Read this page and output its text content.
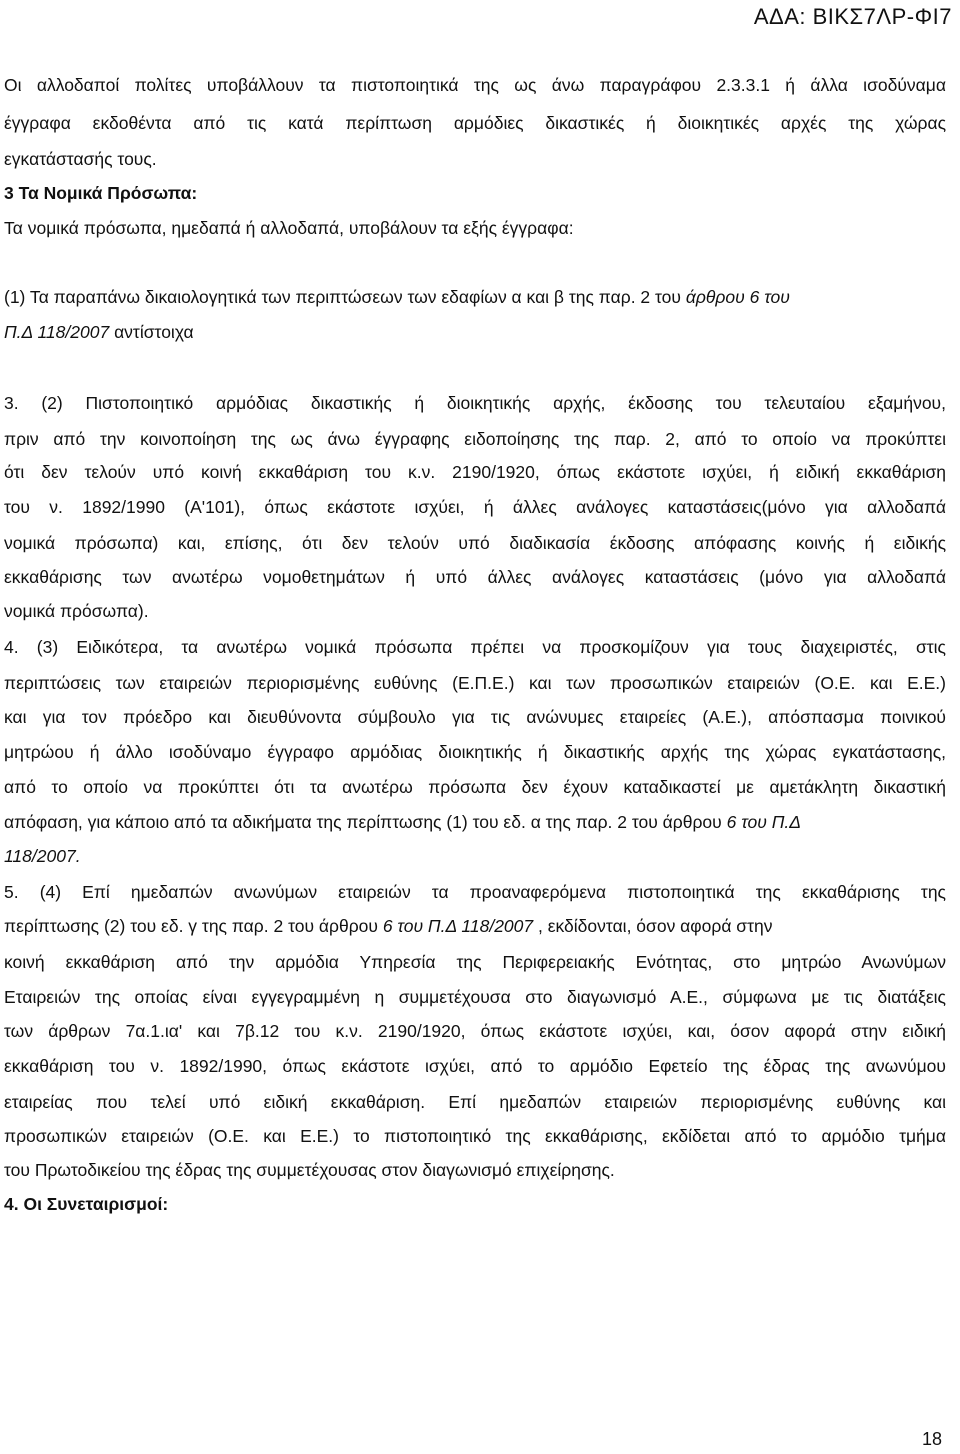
ΑΔΑ: ΒΙΚΣ7ΛΡ-ΦΙ7
Οι αλλοδαποί πολίτες υποβάλλουν τα πιστοποιητικά της ως άνω παραγράφου 2.3.3.1 ή άλλα ισοδύναμα
έγγραφα εκδοθέντα από τις κατά περίπτωση αρμόδιες δικαστικές ή διοικητικές αρχές της χώρας
εγκατάστασής τους.
3 Τα Νομικά Πρόσωπα:
Τα νομικά πρόσωπα, ημεδαπά ή αλλοδαπά, υποβάλουν τα εξής έγγραφα:
(1) Τα παραπάνω δικαιολογητικά των περιπτώσεων των εδαφίων α και β της παρ. 2 του άρθρου 6 του
Π.Δ 118/2007 αντίστοιχα
3. (2) Πιστοποιητικό αρμόδιας δικαστικής ή διοικητικής αρχής, έκδοσης του τελευταίου εξαμήνου,
πριν από την κοινοποίηση της ως άνω έγγραφης ειδοποίησης της παρ. 2, από το οποίο να προκύπτει
ότι δεν τελούν υπό κοινή εκκαθάριση του κ.ν. 2190/1920, όπως εκάστοτε ισχύει, ή ειδική εκκαθάριση
του ν. 1892/1990 (Α'101), όπως εκάστοτε ισχύει, ή άλλες ανάλογες καταστάσεις(μόνο για αλλοδαπά
νομικά πρόσωπα) και, επίσης, ότι δεν τελούν υπό διαδικασία έκδοσης απόφασης κοινής ή ειδικής
εκκαθάρισης των ανωτέρω νομοθετημάτων ή υπό άλλες ανάλογες καταστάσεις (μόνο για αλλοδαπά
νομικά πρόσωπα).
4. (3) Ειδικότερα, τα ανωτέρω νομικά πρόσωπα πρέπει να προσκομίζουν για τους διαχειριστές, στις
περιπτώσεις των εταιρειών περιορισμένης ευθύνης (Ε.Π.Ε.) και των προσωπικών εταιρειών (Ο.Ε. και Ε.Ε.)
και για τον πρόεδρο και διευθύνοντα σύμβουλο για τις ανώνυμες εταιρείες (Α.Ε.), απόσπασμα ποινικού
μητρώου ή άλλο ισοδύναμο έγγραφο αρμόδιας διοικητικής ή δικαστικής αρχής της χώρας εγκατάστασης,
από το οποίο να προκύπτει ότι τα ανωτέρω πρόσωπα δεν έχουν καταδικαστεί με αμετάκλητη δικαστική
απόφαση, για κάποιο από τα αδικήματα της περίπτωσης (1) του εδ. α της παρ. 2 του άρθρου 6 του Π.Δ
118/2007.
5. (4) Επί ημεδαπών ανωνύμων εταιρειών τα προαναφερόμενα πιστοποιητικά της εκκαθάρισης της
περίπτωσης (2) του εδ. γ της παρ. 2 του άρθρου 6 του Π.Δ 118/2007 , εκδίδονται, όσον αφορά στην
κοινή εκκαθάριση από την αρμόδια Υπηρεσία της Περιφερειακής Ενότητας, στο μητρώο Ανωνύμων
Εταιρειών της οποίας είναι εγγεγραμμένη η συμμετέχουσα στο διαγωνισμό Α.Ε., σύμφωνα με τις διατάξεις
των άρθρων 7α.1.ια' και 7β.12 του κ.ν. 2190/1920, όπως εκάστοτε ισχύει, και, όσον αφορά στην ειδική
εκκαθάριση του ν. 1892/1990, όπως εκάστοτε ισχύει, από το αρμόδιο Εφετείο της έδρας της ανωνύμου
εταιρείας που τελεί υπό ειδική εκκαθάριση. Επί ημεδαπών εταιρειών περιορισμένης ευθύνης και
προσωπικών εταιρειών (Ο.Ε. και Ε.Ε.) το πιστοποιητικό της εκκαθάρισης, εκδίδεται από το αρμόδιο τμήμα
του Πρωτοδικείου της έδρας της συμμετέχουσας στον διαγωνισμό επιχείρησης.
4. Οι Συνεταιρισμοί:
18
